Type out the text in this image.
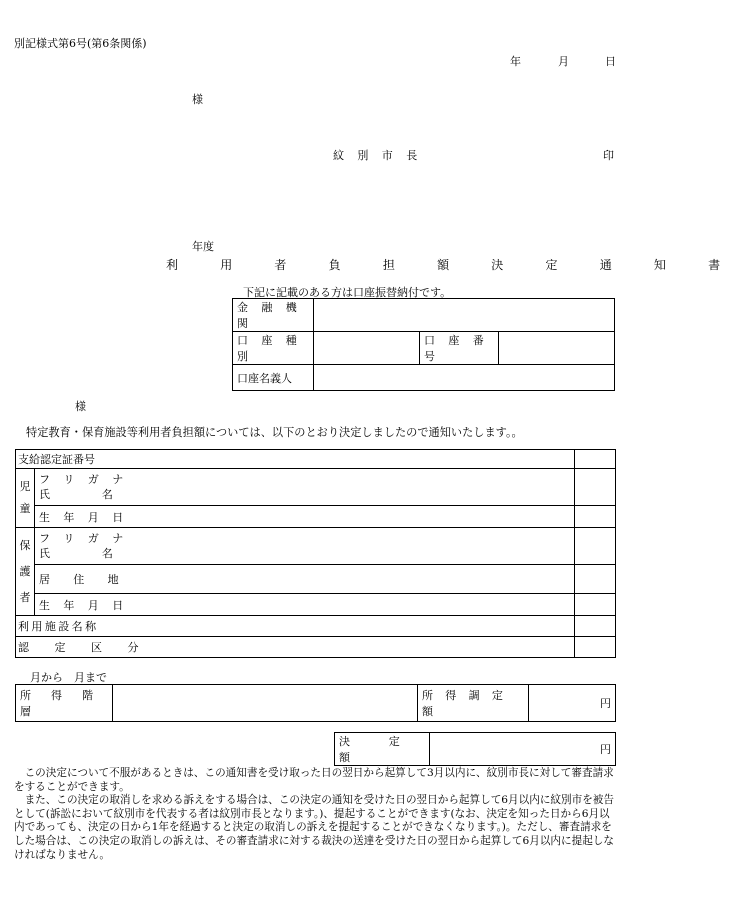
別記様式第6号(第6条関係)
年	月	日
様
紋 別 市 長	印
年度
利 用 者 負 担 額 決 定 通 知 書
下記に記載のある方は口座振替納付です。
金 融 機 関			
口 座 種 別		口 座 番 号	
口座名義人			
様
特定教育・保育施設等利用者負担額については、以下のとおり決定しましたので通知いたします。。
支給認定証番号		
児 童	フ リ ガ ナ
氏 名	

	生 年 月 日	
保 護 者	フ リ ガ ナ
氏 名	

	居 住 地	
	生 年 月 日	
利用施設名称		
認 定 区 分		
月から　月まで
所 得 階 層		所 得 調 定 額	円
決 定 額	円

この決定について不服があるときは、この通知書を受け取った日の翌日から起算して3月以内に、紋別市長に対して審査請求をすることができます。

また、この決定の取消しを求める訴えをする場合は、この決定の通知を受けた日の翌日から起算して6月以内に紋別市を被告として(訴訟において紋別市を代表する者は紋別市長となります。)、提起することができます(なお、決定を知った日から6月以内であっても、決定の日から1年を経過すると決定の取消しの訴えを提起することができなくなります。)。ただし、審査請求をした場合は、この決定の取消しの訴えは、その審査請求に対する裁決の送達を受けた日の翌日から起算して6月以内に提起しなければなりません。
